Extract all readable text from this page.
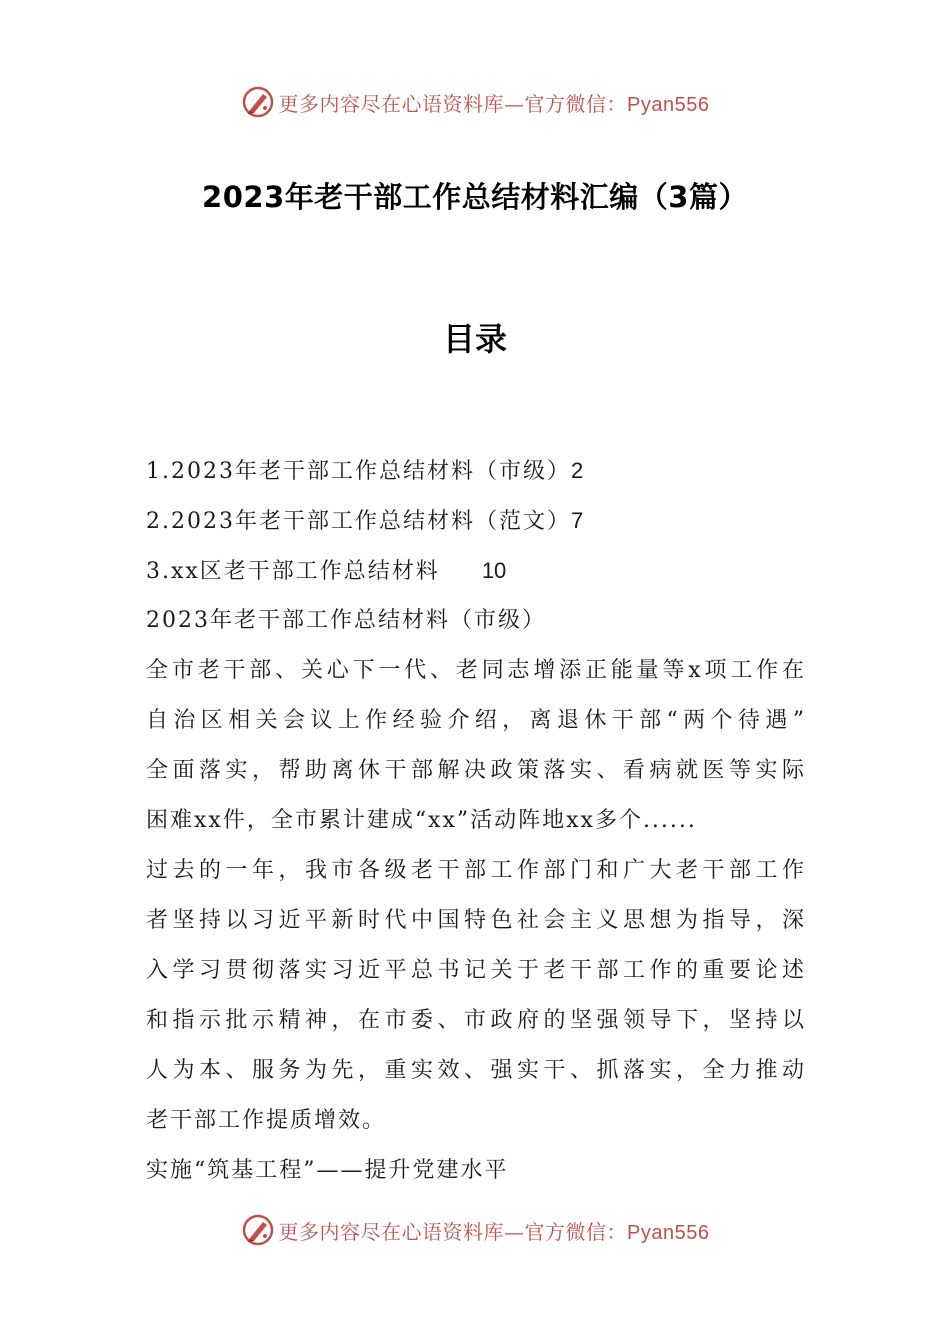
更多内容尽在心语资料库—官方微信：Pyan556
2023年老干部工作总结材料汇编（3篇）
目录
1.2023年老干部工作总结材料（市级）2
2.2023年老干部工作总结材料（范文）7
3.xx区老干部工作总结材料 10
2023年老干部工作总结材料（市级）
全市老干部、关心下一代、老同志增添正能量等x项工作在
自治区相关会议上作经验介绍，离退休干部“两个待遇”
全面落实，帮助离休干部解决政策落实、看病就医等实际
困难xx件，全市累计建成“xx”活动阵地xx多个......
过去的一年，我市各级老干部工作部门和广大老干部工作
者坚持以习近平新时代中国特色社会主义思想为指导，深
入学习贯彻落实习近平总书记关于老干部工作的重要论述
和指示批示精神，在市委、市政府的坚强领导下，坚持以
人为本、服务为先，重实效、强实干、抓落实，全力推动
老干部工作提质增效。
实施“筑基工程”——提升党建水平
更多内容尽在心语资料库—官方微信：Pyan556
